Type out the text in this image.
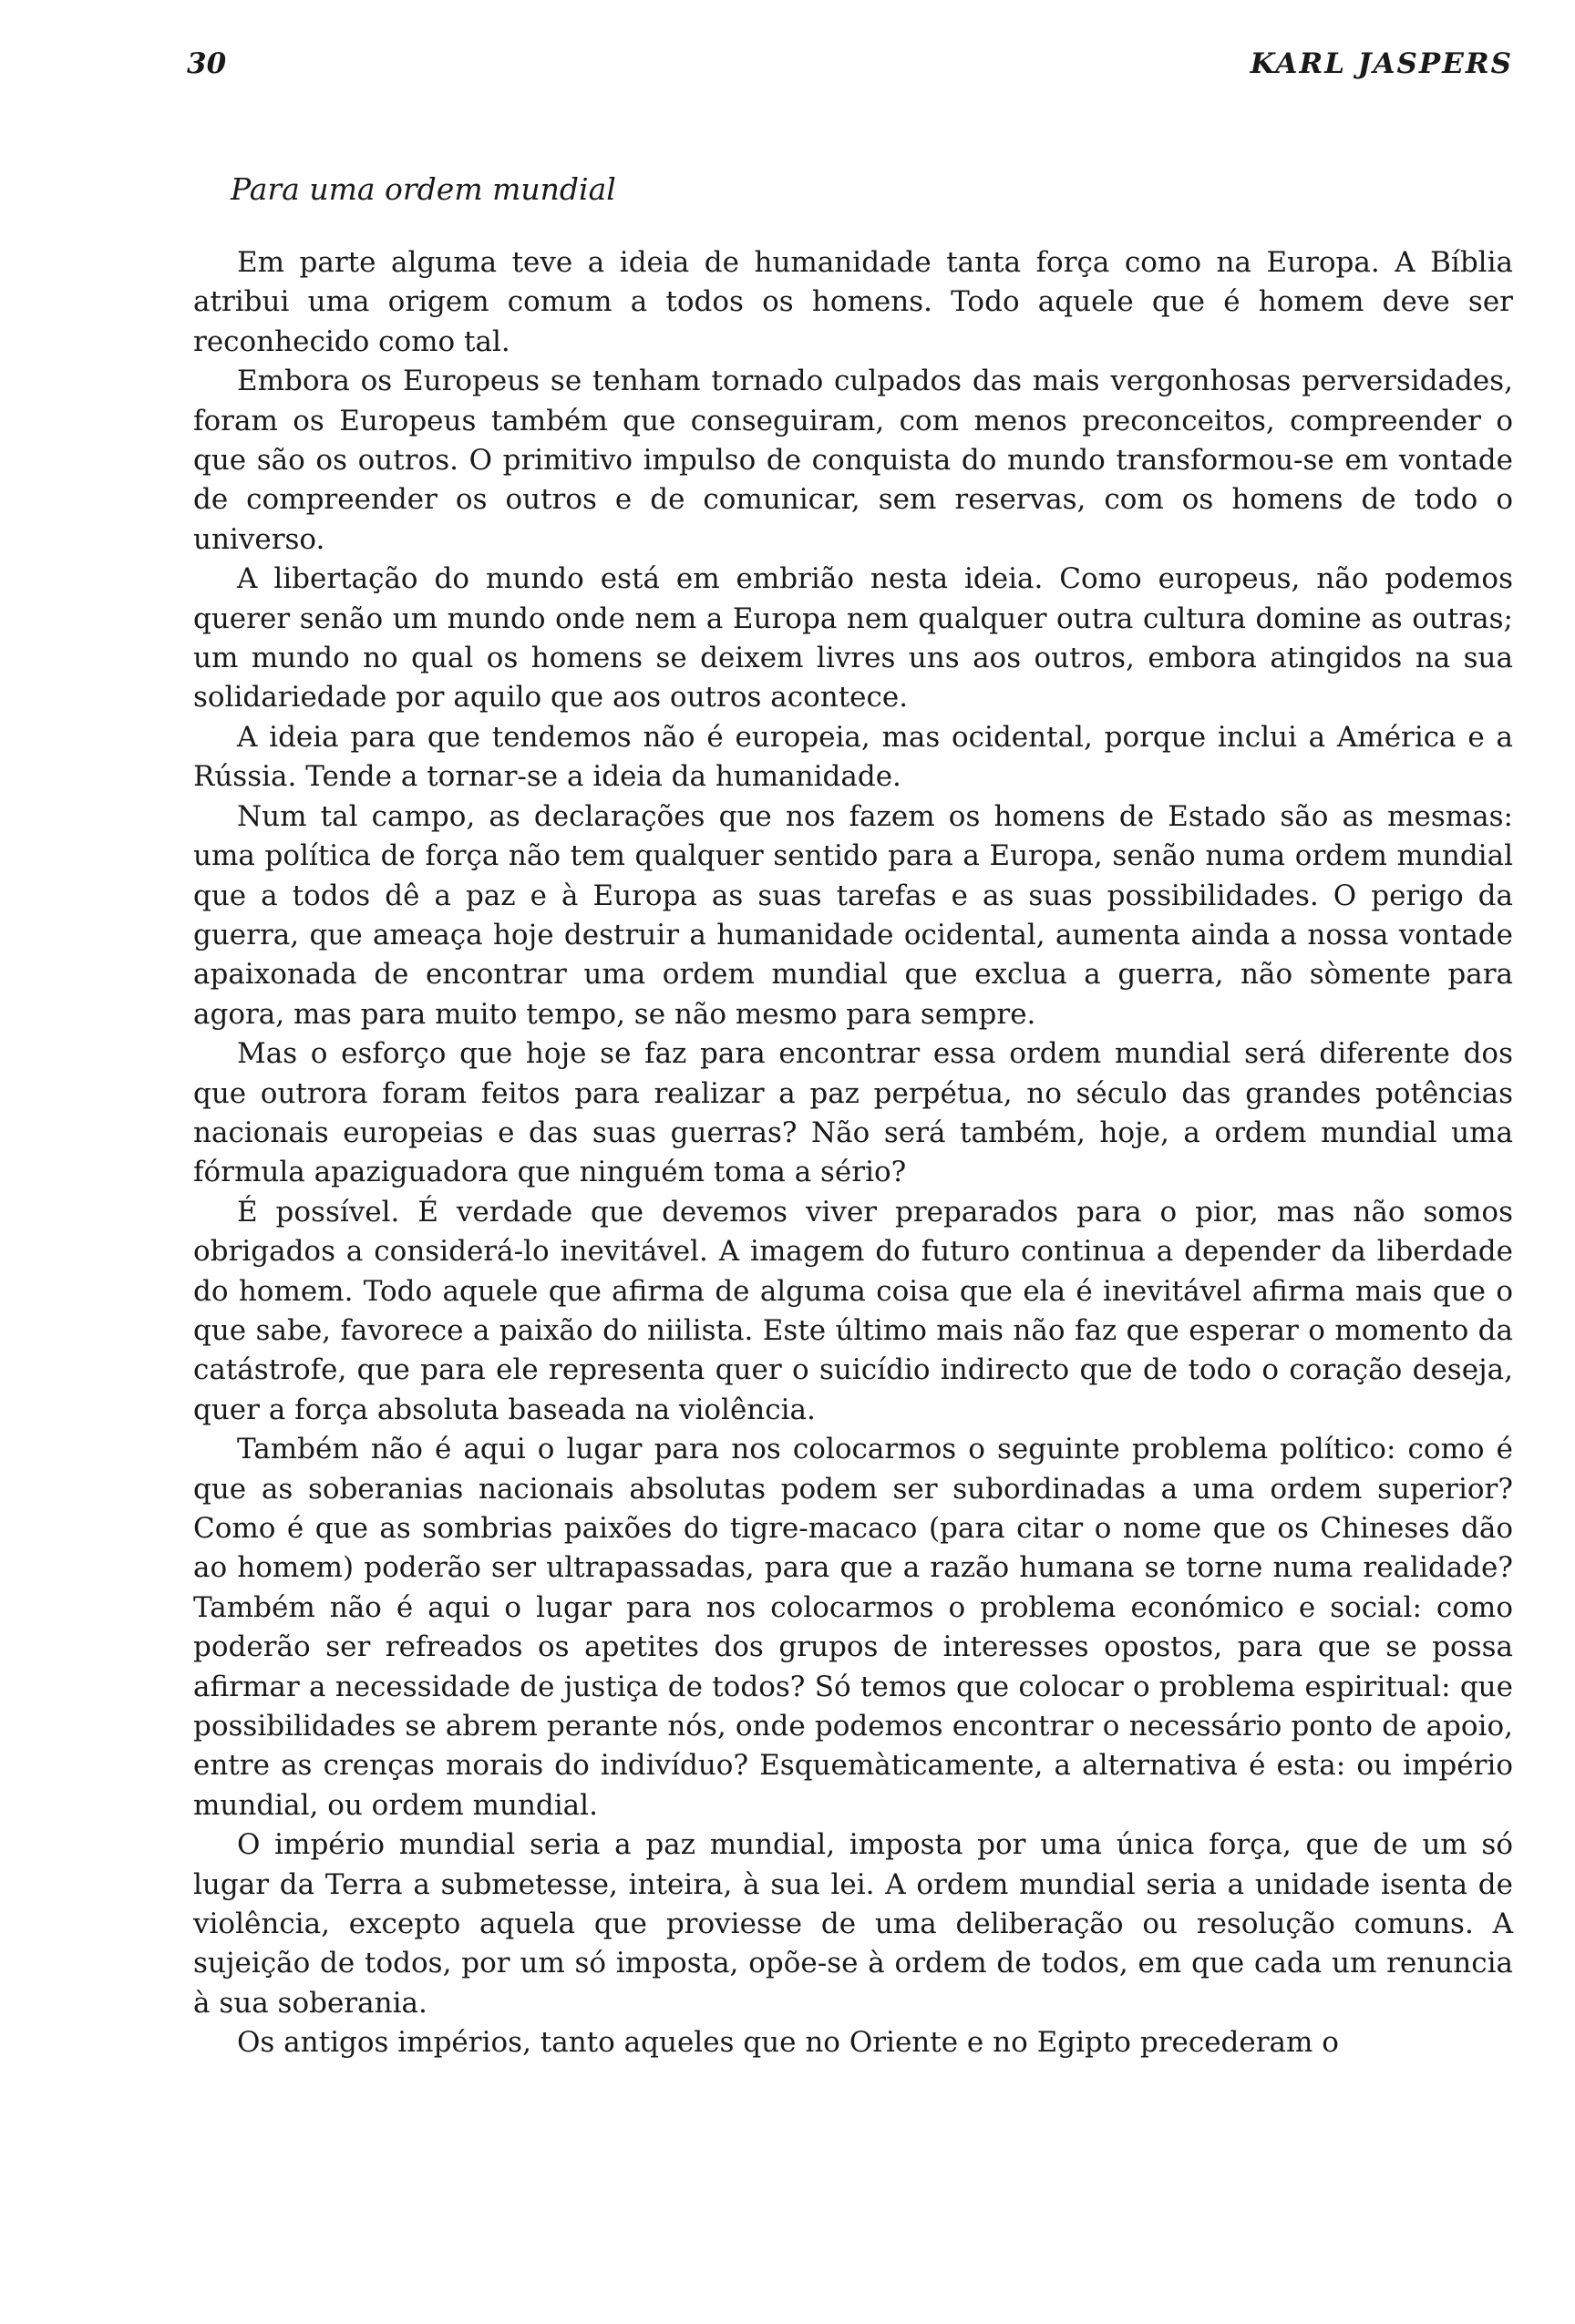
30	KARL JASPERS
Para uma ordem mundial

Em parte alguma teve a ideia de humanidade tanta força como na Europa. A Bíblia atribui uma origem comum a todos os homens. Todo aquele que é homem deve ser reconhecido como tal.

Embora os Europeus se tenham tornado culpados das mais vergonhosas perversidades, foram os Europeus também que conseguiram, com menos preconceitos, compreender o que são os outros. O primitivo impulso de conquista do mundo transformou-se em vontade de compreender os outros e de comunicar, sem reservas, com os homens de todo o universo.

A libertação do mundo está em embrião nesta ideia. Como europeus, não podemos querer senão um mundo onde nem a Europa nem qualquer outra cultura domine as outras; um mundo no qual os homens se deixem livres uns aos outros, embora atingidos na sua solidariedade por aquilo que aos outros acontece.

A ideia para que tendemos não é europeia, mas ocidental, porque inclui a América e a Rússia. Tende a tornar-se a ideia da humanidade.

Num tal campo, as declarações que nos fazem os homens de Estado são as mesmas: uma política de força não tem qualquer sentido para a Europa, senão numa ordem mundial que a todos dê a paz e à Europa as suas tarefas e as suas possibilidades. O perigo da guerra, que ameaça hoje destruir a humanidade ocidental, aumenta ainda a nossa vontade apaixonada de encontrar uma ordem mundial que exclua a guerra, não sòmente para agora, mas para muito tempo, se não mesmo para sempre.

Mas o esforço que hoje se faz para encontrar essa ordem mundial será diferente dos que outrora foram feitos para realizar a paz perpétua, no século das grandes potências nacionais europeias e das suas guerras? Não será também, hoje, a ordem mundial uma fórmula apaziguadora que ninguém toma a sério?

É possível. É verdade que devemos viver preparados para o pior, mas não somos obrigados a considerá-lo inevitável. A imagem do futuro continua a depender da liberdade do homem. Todo aquele que afirma de alguma coisa que ela é inevitável afirma mais que o que sabe, favorece a paixão do niilista. Este último mais não faz que esperar o momento da catástrofe, que para ele representa quer o suicídio indirecto que de todo o coração deseja, quer a força absoluta baseada na violência.

Também não é aqui o lugar para nos colocarmos o seguinte problema político: como é que as soberanias nacionais absolutas podem ser subordinadas a uma ordem superior? Como é que as sombrias paixões do tigre-macaco (para citar o nome que os Chineses dão ao homem) poderão ser ultrapassadas, para que a razão humana se torne numa realidade? Também não é aqui o lugar para nos colocarmos o problema económico e social: como poderão ser refreados os apetites dos grupos de interesses opostos, para que se possa afirmar a necessidade de justiça de todos? Só temos que colocar o problema espiritual: que possibilidades se abrem perante nós, onde podemos encontrar o necessário ponto de apoio, entre as crenças morais do indivíduo? Esquemàticamente, a alternativa é esta: ou império mundial, ou ordem mundial.

O império mundial seria a paz mundial, imposta por uma única força, que de um só lugar da Terra a submetesse, inteira, à sua lei. A ordem mundial seria a unidade isenta de violência, excepto aquela que proviesse de uma deliberação ou resolução comuns. A sujeição de todos, por um só imposta, opõe-se à ordem de todos, em que cada um renuncia à sua soberania.

Os antigos impérios, tanto aqueles que no Oriente e no Egipto precederam o
